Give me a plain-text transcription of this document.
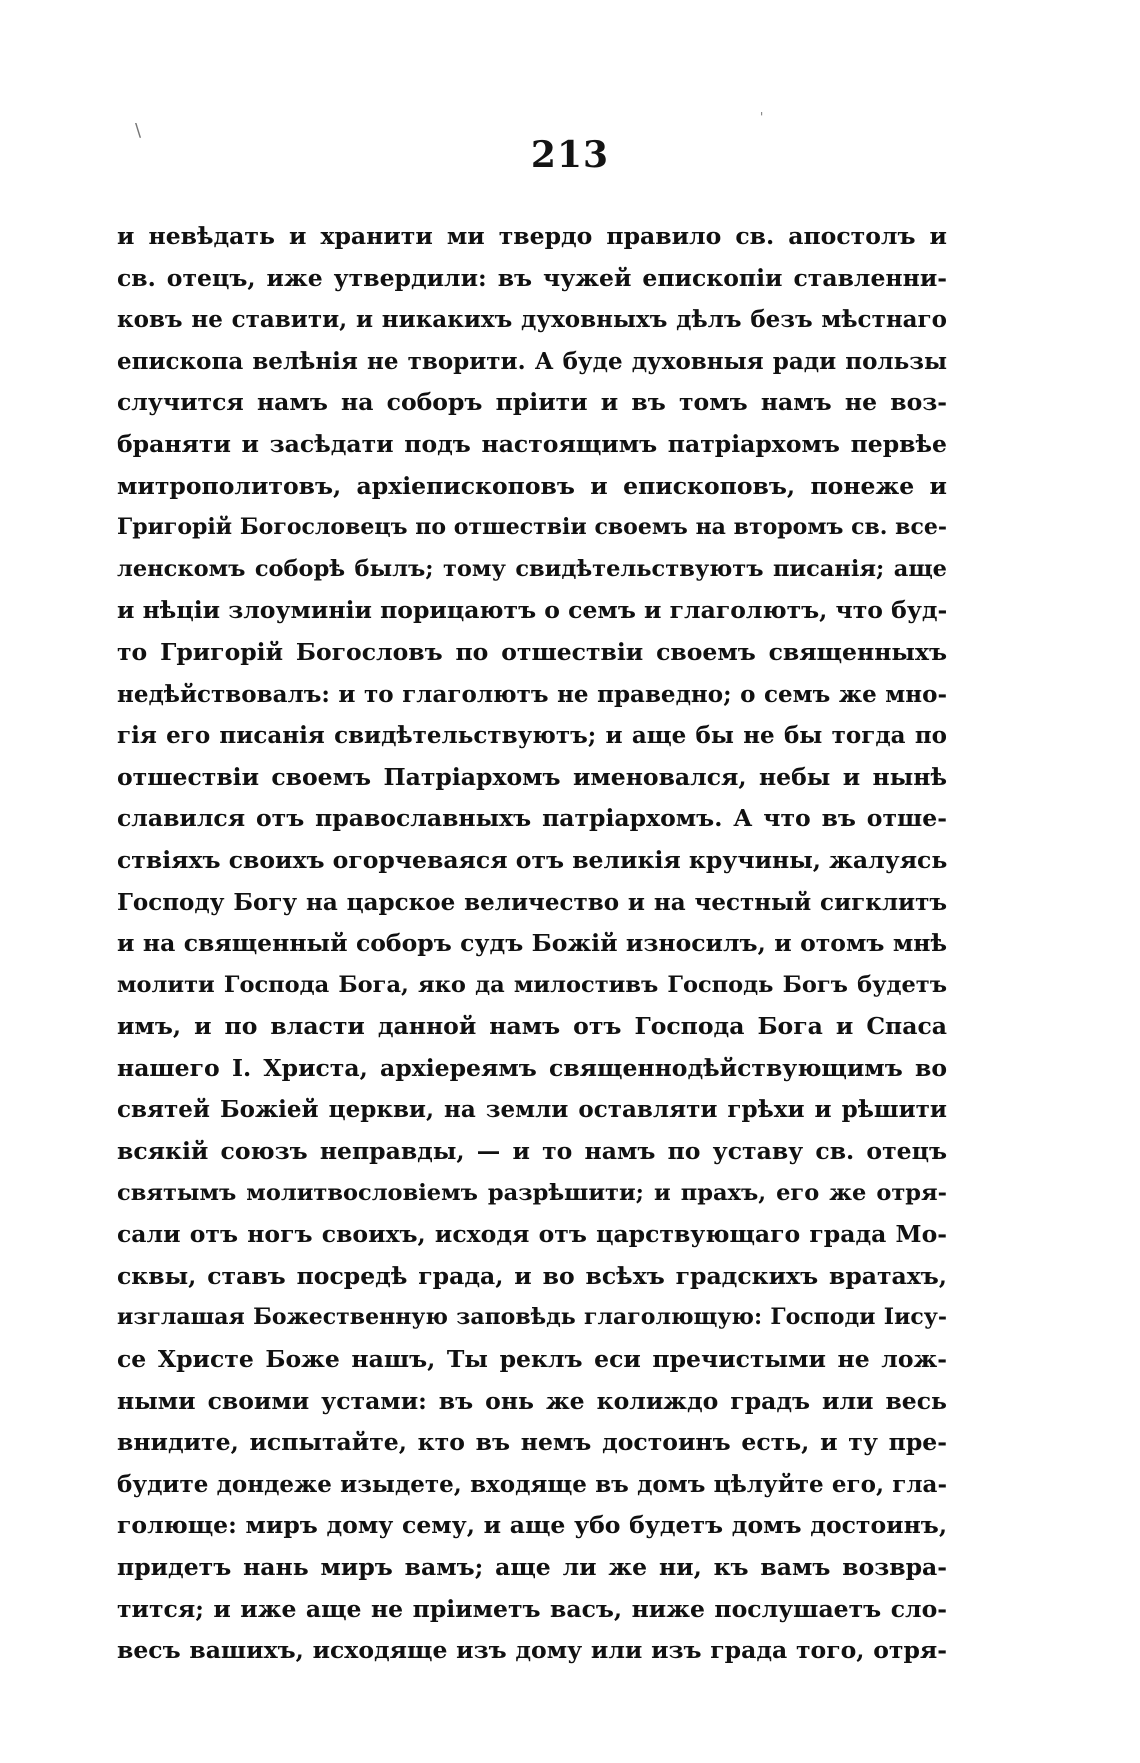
\
'
213
и невѣдать и хранити ми твердо правило св. апостолъ и
св. отецъ, иже утвердили: въ чужей епископіи ставленни-
ковъ не ставити, и никакихъ духовныхъ дѣлъ безъ мѣстнаго
епископа велѣнія не творити. А буде духовныя ради пользы
случится намъ на соборъ пріити и въ томъ намъ не воз-
браняти и засѣдати подъ настоящимъ патріархомъ первѣе
митрополитовъ, архіепископовъ и епископовъ, понеже и
Григорій Богословецъ по отшествіи своемъ на второмъ св. все-
ленскомъ соборѣ былъ; тому свидѣтельствуютъ писанія; аще
и нѣціи злоуминіи порицаютъ о семъ и глаголютъ, что буд-
то Григорій Богословъ по отшествіи своемъ священныхъ
недѣйствовалъ: и то глаголютъ не праведно; о семъ же мно-
гія его писанія свидѣтельствуютъ; и аще бы не бы тогда по
отшествіи своемъ Патріархомъ именовался, небы и нынѣ
славился отъ православныхъ патріархомъ. А что въ отше-
ствіяхъ своихъ огорчеваяся отъ великія кручины, жалуясь
Господу Богу на царское величество и на честный сигклитъ
и на священный соборъ судъ Божій износилъ, и отомъ мнѣ
молити Господа Бога, яко да милостивъ Господь Богъ будетъ
имъ, и по власти данной намъ отъ Господа Бога и Спаса
нашего І. Христа, архіереямъ священнодѣйствующимъ во
святей Божіей церкви, на земли оставляти грѣхи и рѣшити
всякій союзъ неправды, — и то намъ по уставу св. отецъ
святымъ молитвословіемъ разрѣшити; и прахъ, его же отря-
сали отъ ногъ своихъ, исходя отъ царствующаго града Мо-
сквы, ставъ посредѣ града, и во всѣхъ градскихъ вратахъ,
изглашая Божественную заповѣдь глаголющую: Господи Іису-
се Христе Боже нашъ, Ты реклъ еси пречистыми не лож-
ными своими устами: въ онь же колиждо градъ или весь
внидите, испытайте, кто въ немъ достоинъ есть, и ту пре-
будите дондеже изыдете, входяще въ домъ цѣлуйте его, гла-
голюще: миръ дому сему, и аще убо будетъ домъ достоинъ,
придетъ нань миръ вамъ; аще ли же ни, къ вамъ возвра-
тится; и иже аще не пріиметъ васъ, ниже послушаетъ сло-
весъ вашихъ, исходяще изъ дому или изъ града того, отря-
